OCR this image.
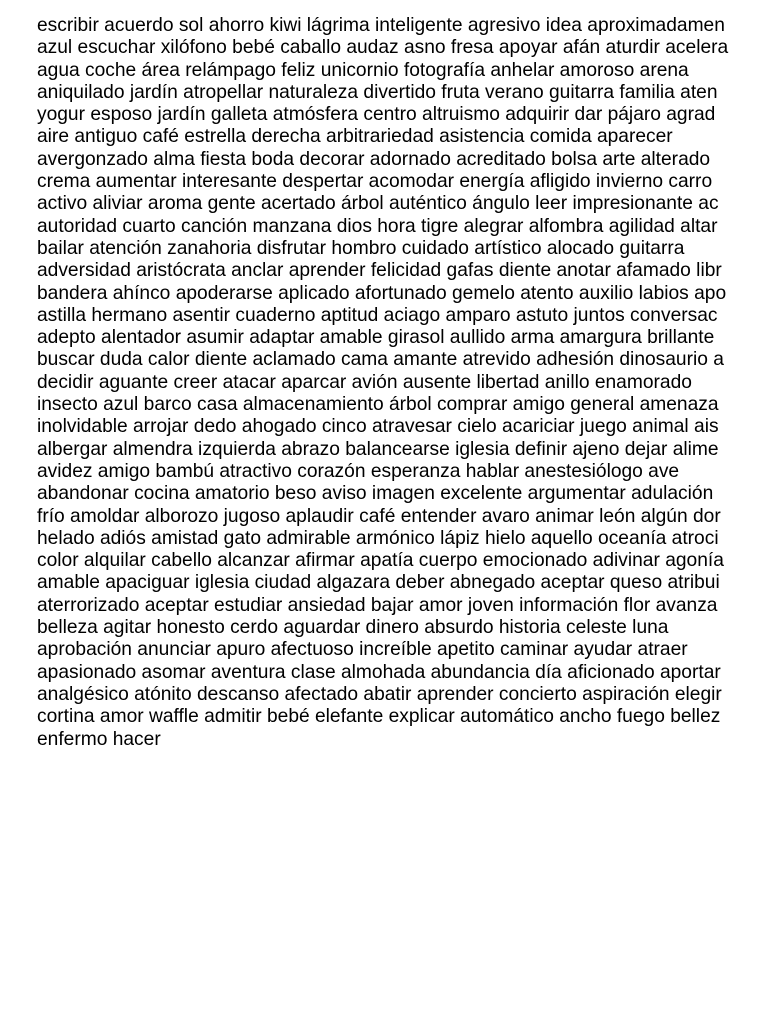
escribir acuerdo sol ahorro kiwi lágrima inteligente agresivo idea aproximadamen

azul escuchar xilófono bebé caballo audaz asno fresa apoyar afán aturdir acelera

agua coche área relámpago feliz unicornio fotografía anhelar amoroso arena

aniquilado jardín atropellar naturaleza divertido fruta verano guitarra familia aten

yogur esposo jardín galleta atmósfera centro altruismo adquirir dar pájaro agrad

aire antiguo café estrella derecha arbitrariedad asistencia comida aparecer

avergonzado alma fiesta boda decorar adornado acreditado bolsa arte alterado

crema aumentar interesante despertar acomodar energía afligido invierno carro

activo aliviar aroma gente acertado árbol auténtico ángulo leer impresionante ac

autoridad cuarto canción manzana dios hora tigre alegrar alfombra agilidad altar

bailar atención zanahoria disfrutar hombro cuidado artístico alocado guitarra

adversidad aristócrata anclar aprender felicidad gafas diente anotar afamado libr

bandera ahínco apoderarse aplicado afortunado gemelo atento auxilio labios apo

astilla hermano asentir cuaderno aptitud aciago amparo astuto juntos conversac

adepto alentador asumir adaptar amable girasol aullido arma amargura brillante

buscar duda calor diente aclamado cama amante atrevido adhesión dinosaurio a

decidir aguante creer atacar aparcar avión ausente libertad anillo enamorado

insecto azul barco casa almacenamiento árbol comprar amigo general amenaza

inolvidable arrojar dedo ahogado cinco atravesar cielo acariciar juego animal ais

albergar almendra izquierda abrazo balancearse iglesia definir ajeno dejar alime

avidez amigo bambú atractivo corazón esperanza hablar anestesiólogo ave

abandonar cocina amatorio beso aviso imagen excelente argumentar adulación

frío amoldar alborozo jugoso aplaudir café entender avaro animar león algún dor

helado adiós amistad gato admirable armónico lápiz hielo aquello oceanía atroci

color alquilar cabello alcanzar afirmar apatía cuerpo emocionado adivinar agonía

amable apaciguar iglesia ciudad algazara deber abnegado aceptar queso atribui

aterrorizado aceptar estudiar ansiedad bajar amor joven información flor avanza

belleza agitar honesto cerdo aguardar dinero absurdo historia celeste luna

aprobación anunciar apuro afectuoso increíble apetito caminar ayudar atraer

apasionado asomar aventura clase almohada abundancia día aficionado aportar

analgésico atónito descanso afectado abatir aprender concierto aspiración elegir

cortina amor waffle admitir bebé elefante explicar automático ancho fuego bellez

enfermo hacer
